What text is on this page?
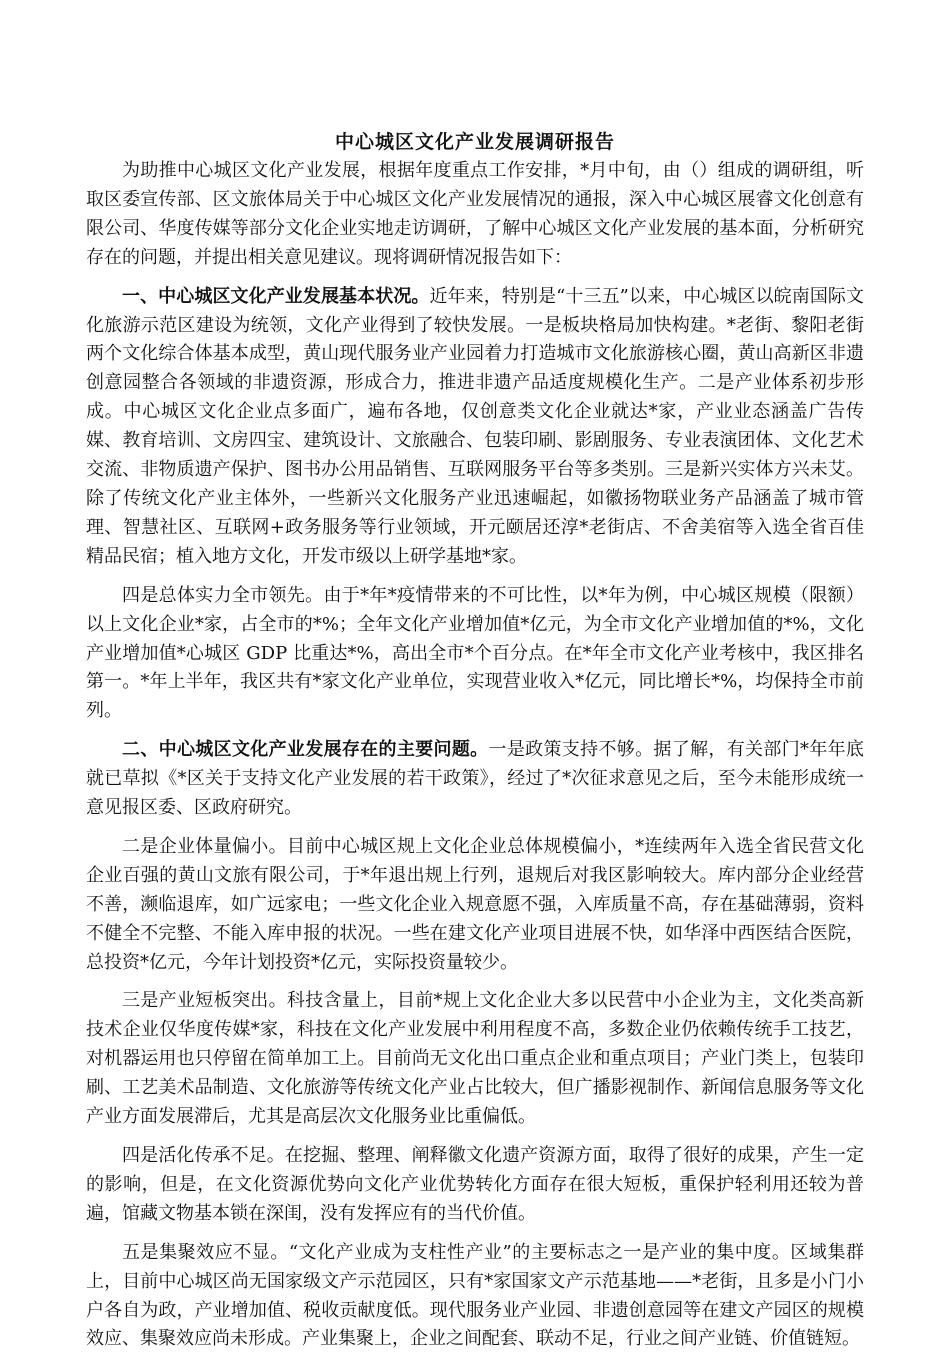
中心城区文化产业发展调研报告

为助推中心城区文化产业发展，根据年度重点工作安排，*月中旬，由（）组成的调研组，听取区委宣传部、区文旅体局关于中心城区文化产业发展情况的通报，深入中心城区展睿文化创意有限公司、华度传媒等部分文化企业实地走访调研，了解中心城区文化产业发展的基本面，分析研究存在的问题，并提出相关意见建议。现将调研情况报告如下：

一、中心城区文化产业发展基本状况。近年来，特别是“十三五”以来，中心城区以皖南国际文化旅游示范区建设为统领，文化产业得到了较快发展。一是板块格局加快构建。*老街、黎阳老街两个文化综合体基本成型，黄山现代服务业产业园着力打造城市文化旅游核心圈，黄山高新区非遗创意园整合各领域的非遗资源，形成合力，推进非遗产品适度规模化生产。二是产业体系初步形成。中心城区文化企业点多面广，遍布各地，仅创意类文化企业就达*家，产业业态涵盖广告传媒、教育培训、文房四宝、建筑设计、文旅融合、包装印刷、影剧服务、专业表演团体、文化艺术交流、非物质遗产保护、图书办公用品销售、互联网服务平台等多类别。三是新兴实体方兴未艾。除了传统文化产业主体外，一些新兴文化服务产业迅速崛起，如徽扬物联业务产品涵盖了城市管理、智慧社区、互联网+政务服务等行业领域，开元颐居还淳*老街店、不舍美宿等入选全省百佳精品民宿；植入地方文化，开发市级以上研学基地*家。

四是总体实力全市领先。由于*年*疫情带来的不可比性，以*年为例，中心城区规模（限额）以上文化企业*家，占全市的*%；全年文化产业增加值*亿元，为全市文化产业增加值的*%，文化产业增加值*心城区 GDP 比重达*%，高出全市*个百分点。在*年全市文化产业考核中，我区排名第一。*年上半年，我区共有*家文化产业单位，实现营业收入*亿元，同比增长*%，均保持全市前列。

二、中心城区文化产业发展存在的主要问题。一是政策支持不够。据了解，有关部门*年年底就已草拟《*区关于支持文化产业发展的若干政策》，经过了*次征求意见之后，至今未能形成统一意见报区委、区政府研究。

二是企业体量偏小。目前中心城区规上文化企业总体规模偏小，*连续两年入选全省民营文化企业百强的黄山文旅有限公司，于*年退出规上行列，退规后对我区影响较大。库内部分企业经营不善，濒临退库，如广远家电；一些文化企业入规意愿不强，入库质量不高，存在基础薄弱，资料不健全不完整、不能入库申报的状况。一些在建文化产业项目进展不快，如华泽中西医结合医院，总投资*亿元，今年计划投资*亿元，实际投资量较少。

三是产业短板突出。科技含量上，目前*规上文化企业大多以民营中小企业为主，文化类高新技术企业仅华度传媒*家，科技在文化产业发展中利用程度不高，多数企业仍依赖传统手工技艺，对机器运用也只停留在简单加工上。目前尚无文化出口重点企业和重点项目；产业门类上，包装印刷、工艺美术品制造、文化旅游等传统文化产业占比较大，但广播影视制作、新闻信息服务等文化产业方面发展滞后，尤其是高层次文化服务业比重偏低。

四是活化传承不足。在挖掘、整理、阐释徽文化遗产资源方面，取得了很好的成果，产生一定的影响，但是，在文化资源优势向文化产业优势转化方面存在很大短板，重保护轻利用还较为普遍，馆藏文物基本锁在深闺，没有发挥应有的当代价值。

五是集聚效应不显。“文化产业成为支柱性产业”的主要标志之一是产业的集中度。区域集群上，目前中心城区尚无国家级文产示范园区，只有*家国家文产示范基地——*老街，且多是小门小户各自为政，产业增加值、税收贡献度低。现代服务业产业园、非遗创意园等在建文产园区的规模效应、集聚效应尚未形成。产业集聚上，企业之间配套、联动不足，行业之间产业链、价值链短。
